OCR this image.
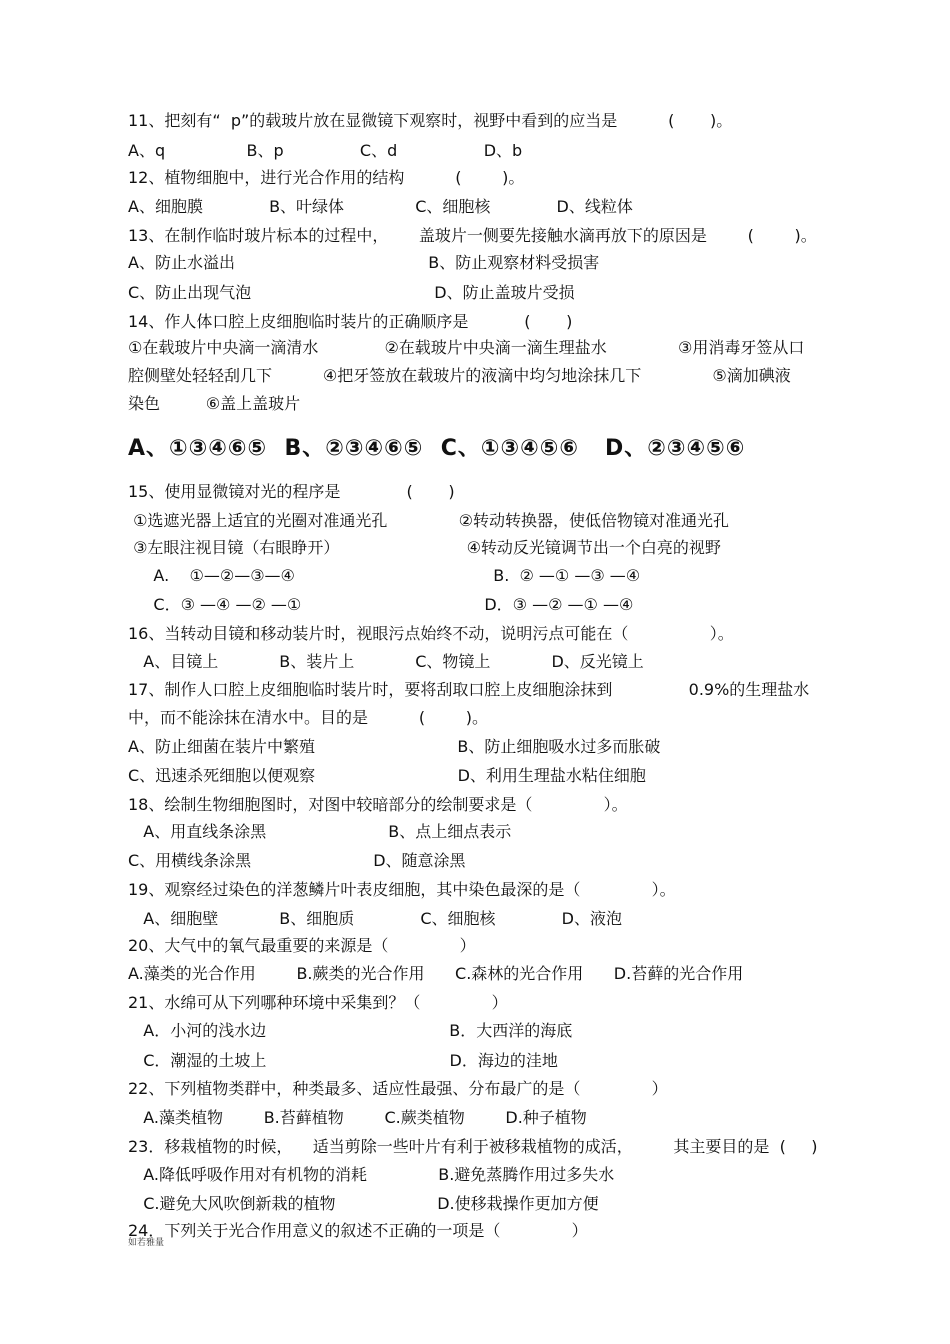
11、把刻有“  p”的载玻片放在显微镜下观察时，视野中看到的应当是          (       )。
A、q                B、p               C、d                 D、b
12、植物细胞中，进行光合作用的结构          (        )。
A、细胞膜             B、叶绿体              C、细胞核             D、线粒体
13、在制作临时玻片标本的过程中，      盖玻片一侧要先接触水滴再放下的原因是        (        )。
A、防止水溢出                                      B、防止观察材料受损害
C、防止出现气泡                                    D、防止盖玻片受损
14、作人体口腔上皮细胞临时装片的正确顺序是           (       )
①在载玻片中央滴一滴清水             ②在载玻片中央滴一滴生理盐水              ③用消毒牙签从口
腔侧壁处轻轻刮几下          ④把牙签放在载玻片的液滴中均匀地涂抹几下              ⑤滴加碘液
染色         ⑥盖上盖玻片
A、①③④⑥⑤  B、②③④⑥⑤  C、①③④⑤⑥   D、②③④⑤⑥
15、使用显微镜对光的程序是             (       )
①选遮光器上适宜的光圈对准通光孔              ②转动转换器，使低倍物镜对准通光孔
③左眼注视目镜（右眼睁开）                         ④转动反光镜调节出一个白亮的视野
A.    ①—②—③—④                                       B.  ② —① —③ —④
C．③ —④ —② —①                                    D．③ —② —① —④
16、当转动目镜和移动装片时，视眼污点始终不动，说明污点可能在（                ）。
A、目镜上            B、装片上            C、物镜上            D、反光镜上
17、制作人口腔上皮细胞临时装片时，要将刮取口腔上皮细胞涂抹到               0.9%的生理盐水
中，而不能涂抹在清水中。目的是          (        )。
A、防止细菌在装片中繁殖                            B、防止细胞吸水过多而胀破
C、迅速杀死细胞以便观察                            D、利用生理盐水粘住细胞
18、绘制生物细胞图时，对图中较暗部分的绘制要求是（              ）。
A、用直线条涂黑                        B、点上细点表示
C、用横线条涂黑                        D、随意涂黑
19、观察经过染色的洋葱鳞片叶表皮细胞，其中染色最深的是（              ）。
A、细胞壁            B、细胞质             C、细胞核             D、液泡
20、大气中的氧气最重要的来源是（              ）
A.藻类的光合作用        B.蕨类的光合作用      C.森林的光合作用      D.苔藓的光合作用
21、水绵可从下列哪种环境中采集到？（              ）
A．小河的浅水边                                    B．大西洋的海底
C．潮湿的土坡上                                    D．海边的洼地
22、下列植物类群中，种类最多、适应性最强、分布最广的是（              ）
A.藻类植物        B.苔藓植物        C.蕨类植物        D.种子植物
23．移栽植物的时候，    适当剪除一些叶片有利于被移栽植物的成活，        其主要目的是  (     )
A.降低呼吸作用对有机物的消耗              B.避免蒸腾作用过多失水
C.避免大风吹倒新栽的植物                    D.使移栽操作更加方便
24．下列关于光合作用意义的叙述不正确的一项是（              ）
如若雅量
